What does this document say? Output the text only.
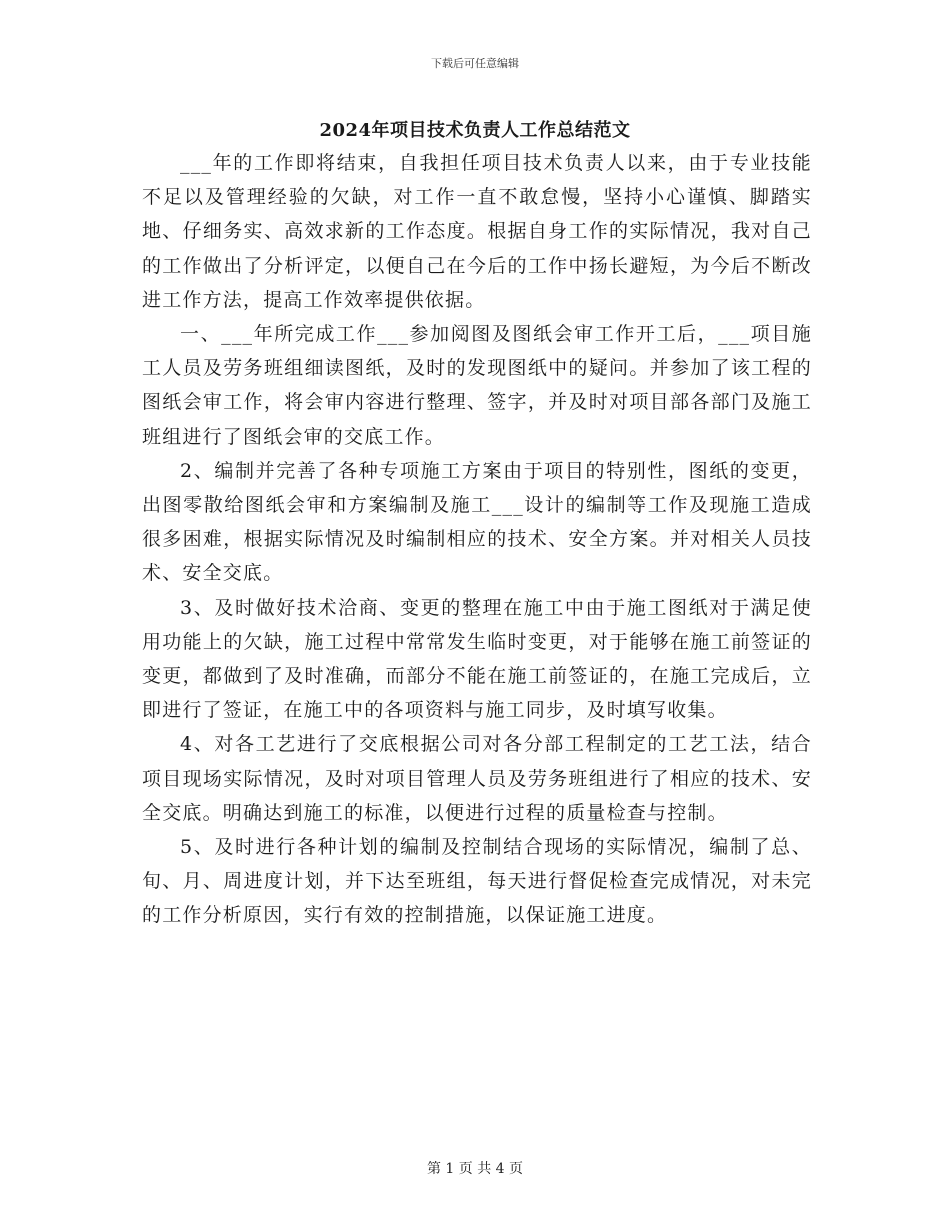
下载后可任意编辑
2024年项目技术负责人工作总结范文

___年的工作即将结束，自我担任项目技术负责人以来，由于专业技能不足以及管理经验的欠缺，对工作一直不敢怠慢，坚持小心谨慎、脚踏实地、仔细务实、高效求新的工作态度。根据自身工作的实际情况，我对自己的工作做出了分析评定，以便自己在今后的工作中扬长避短，为今后不断改进工作方法，提高工作效率提供依据。

一、___年所完成工作___参加阅图及图纸会审工作开工后，___项目施工人员及劳务班组细读图纸，及时的发现图纸中的疑问。并参加了该工程的图纸会审工作，将会审内容进行整理、签字，并及时对项目部各部门及施工班组进行了图纸会审的交底工作。

2、编制并完善了各种专项施工方案由于项目的特别性，图纸的变更，出图零散给图纸会审和方案编制及施工___设计的编制等工作及现施工造成很多困难，根据实际情况及时编制相应的技术、安全方案。并对相关人员技术、安全交底。

3、及时做好技术洽商、变更的整理在施工中由于施工图纸对于满足使用功能上的欠缺，施工过程中常常发生临时变更，对于能够在施工前签证的变更，都做到了及时准确，而部分不能在施工前签证的，在施工完成后，立即进行了签证，在施工中的各项资料与施工同步，及时填写收集。

4、对各工艺进行了交底根据公司对各分部工程制定的工艺工法，结合项目现场实际情况，及时对项目管理人员及劳务班组进行了相应的技术、安全交底。明确达到施工的标准，以便进行过程的质量检查与控制。

5、及时进行各种计划的编制及控制结合现场的实际情况，编制了总、旬、月、周进度计划，并下达至班组，每天进行督促检查完成情况，对未完的工作分析原因，实行有效的控制措施，以保证施工进度。

第 1 页 共 4 页
